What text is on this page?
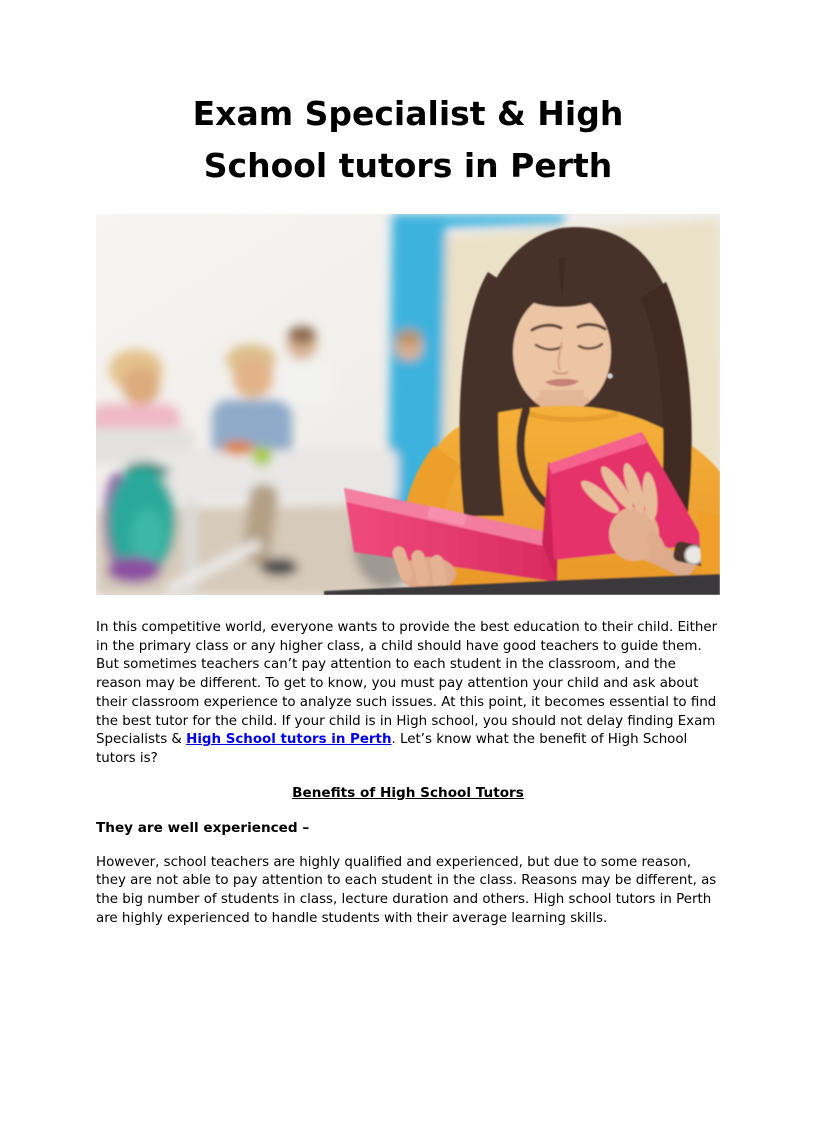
Exam Specialist & High School tutors in Perth

In this competitive world, everyone wants to provide the best education to their child. Either in the primary class or any higher class, a child should have good teachers to guide them. But sometimes teachers can’t pay attention to each student in the classroom, and the reason may be different. To get to know, you must pay attention your child and ask about their classroom experience to analyze such issues. At this point, it becomes essential to find the best tutor for the child. If your child is in High school, you should not delay finding Exam Specialists & High School tutors in Perth. Let’s know what the benefit of High School tutors is?

Benefits of High School Tutors
They are well experienced –

However, school teachers are highly qualified and experienced, but due to some reason, they are not able to pay attention to each student in the class. Reasons may be different, as the big number of students in class, lecture duration and others. High school tutors in Perth are highly experienced to handle students with their average learning skills.
